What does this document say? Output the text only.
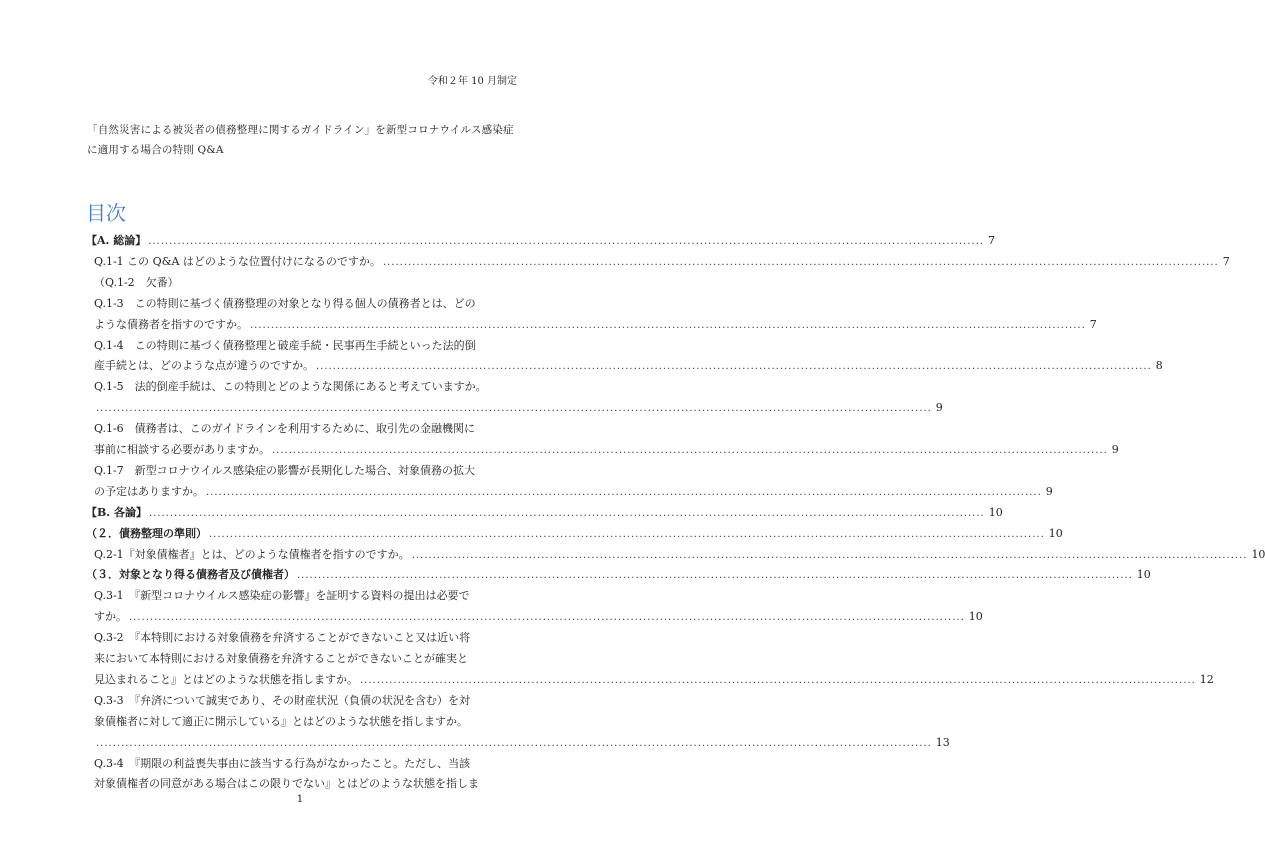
令和２年 10 月制定
「自然災害による被災者の債務整理に関するガイドライン」を新型コロナウイルス感染症
に適用する場合の特則 Q&A
目次
【A. 総論】 ........................................................................................................................................................................................................ 7
Q.1-1 この Q&A はどのような位置付けになるのですか。 ........................................................................................................................................................................................................ 7
（Q.1-2　欠番）
Q.1-3　この特則に基づく債務整理の対象となり得る個人の債務者とは、どの
ような債務者を指すのですか。 ........................................................................................................................................................................................................ 7
Q.1-4　この特則に基づく債務整理と破産手続・民事再生手続といった法的倒
産手続とは、どのような点が違うのですか。 ........................................................................................................................................................................................................ 8
Q.1-5　法的倒産手続は、この特則とどのような関係にあると考えていますか。
........................................................................................................................................................................................................ 9
Q.1-6　債務者は、このガイドラインを利用するために、取引先の金融機関に
事前に相談する必要がありますか。 ........................................................................................................................................................................................................ 9
Q.1-7　新型コロナウイルス感染症の影響が長期化した場合、対象債務の拡大
の予定はありますか。 ........................................................................................................................................................................................................ 9
【B. 各論】 ........................................................................................................................................................................................................ 10
（２．債務整理の準則） ........................................................................................................................................................................................................ 10
Q.2-1『対象債権者』とは、どのような債権者を指すのですか。 ........................................................................................................................................................................................................ 10
（３．対象となり得る債務者及び債権者） ........................................................................................................................................................................................................ 10
Q.3-1　『新型コロナウイルス感染症の影響』を証明する資料の提出は必要で
すか。 ........................................................................................................................................................................................................ 10
Q.3-2　『本特則における対象債務を弁済することができないこと又は近い将
来において本特則における対象債務を弁済することができないことが確実と
見込まれること』とはどのような状態を指しますか。 ........................................................................................................................................................................................................ 12
Q.3-3　『弁済について誠実であり、その財産状況（負債の状況を含む）を対
象債権者に対して適正に開示している』とはどのような状態を指しますか。
........................................................................................................................................................................................................ 13
Q.3-4　『期限の利益喪失事由に該当する行為がなかったこと。ただし、当該
対象債権者の同意がある場合はこの限りでない』とはどのような状態を指しま
1
